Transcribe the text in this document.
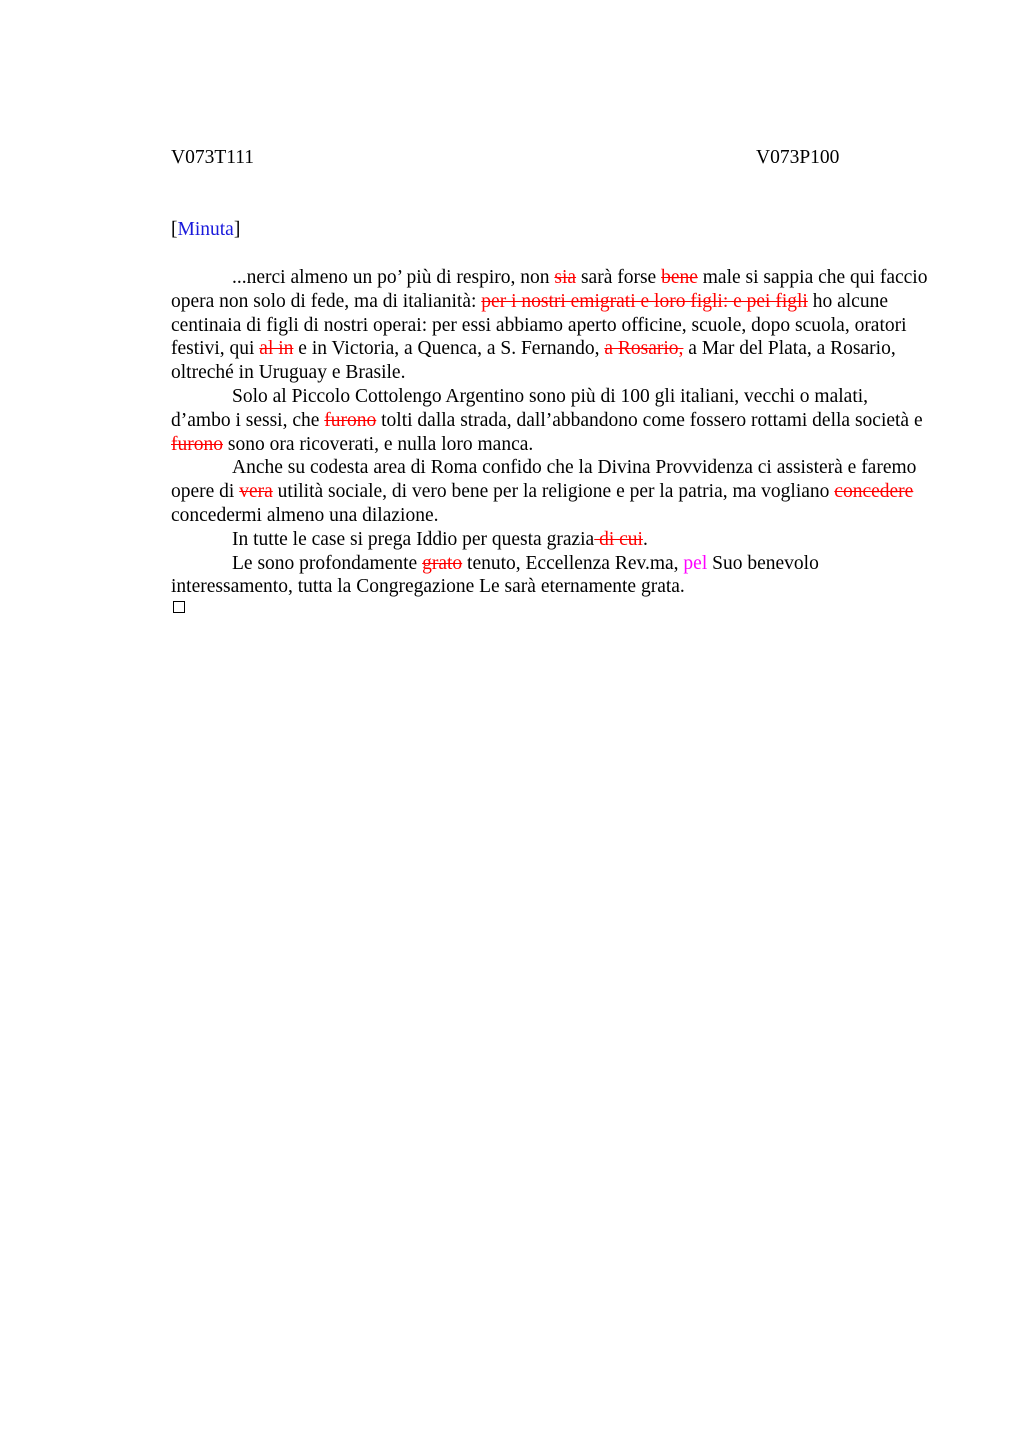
V073T111	V073P100
[Minuta]

...nerci almeno un po’ più di respiro, non sia sarà forse bene male si sappia che qui faccio opera non solo di fede, ma di italianità: per i nostri emigrati e loro figli: e pei figli ho alcune centinaia di figli di nostri operai: per essi abbiamo aperto officine, scuole, dopo scuola, oratori festivi, qui al in e in Victoria, a Quenca, a S. Fernando, a Rosario, a Mar del Plata, a Rosario, oltreché in Uruguay e Brasile.

Solo al Piccolo Cottolengo Argentino sono più di 100 gli italiani, vecchi o malati, d’ambo i sessi, che furono tolti dalla strada, dall’abbandono come fossero rottami della società e furono sono ora ricoverati, e nulla loro manca.

Anche su codesta area di Roma confido che la Divina Provvidenza ci assisterà e faremo opere di vera utilità sociale, di vero bene per la religione e per la patria, ma vogliano concedere concedermi almeno una dilazione.

In tutte le case si prega Iddio per questa grazia di cui.

Le sono profondamente grato tenuto, Eccellenza Rev.ma, pel Suo benevolo interessamento, tutta la Congregazione Le sarà eternamente grata.
